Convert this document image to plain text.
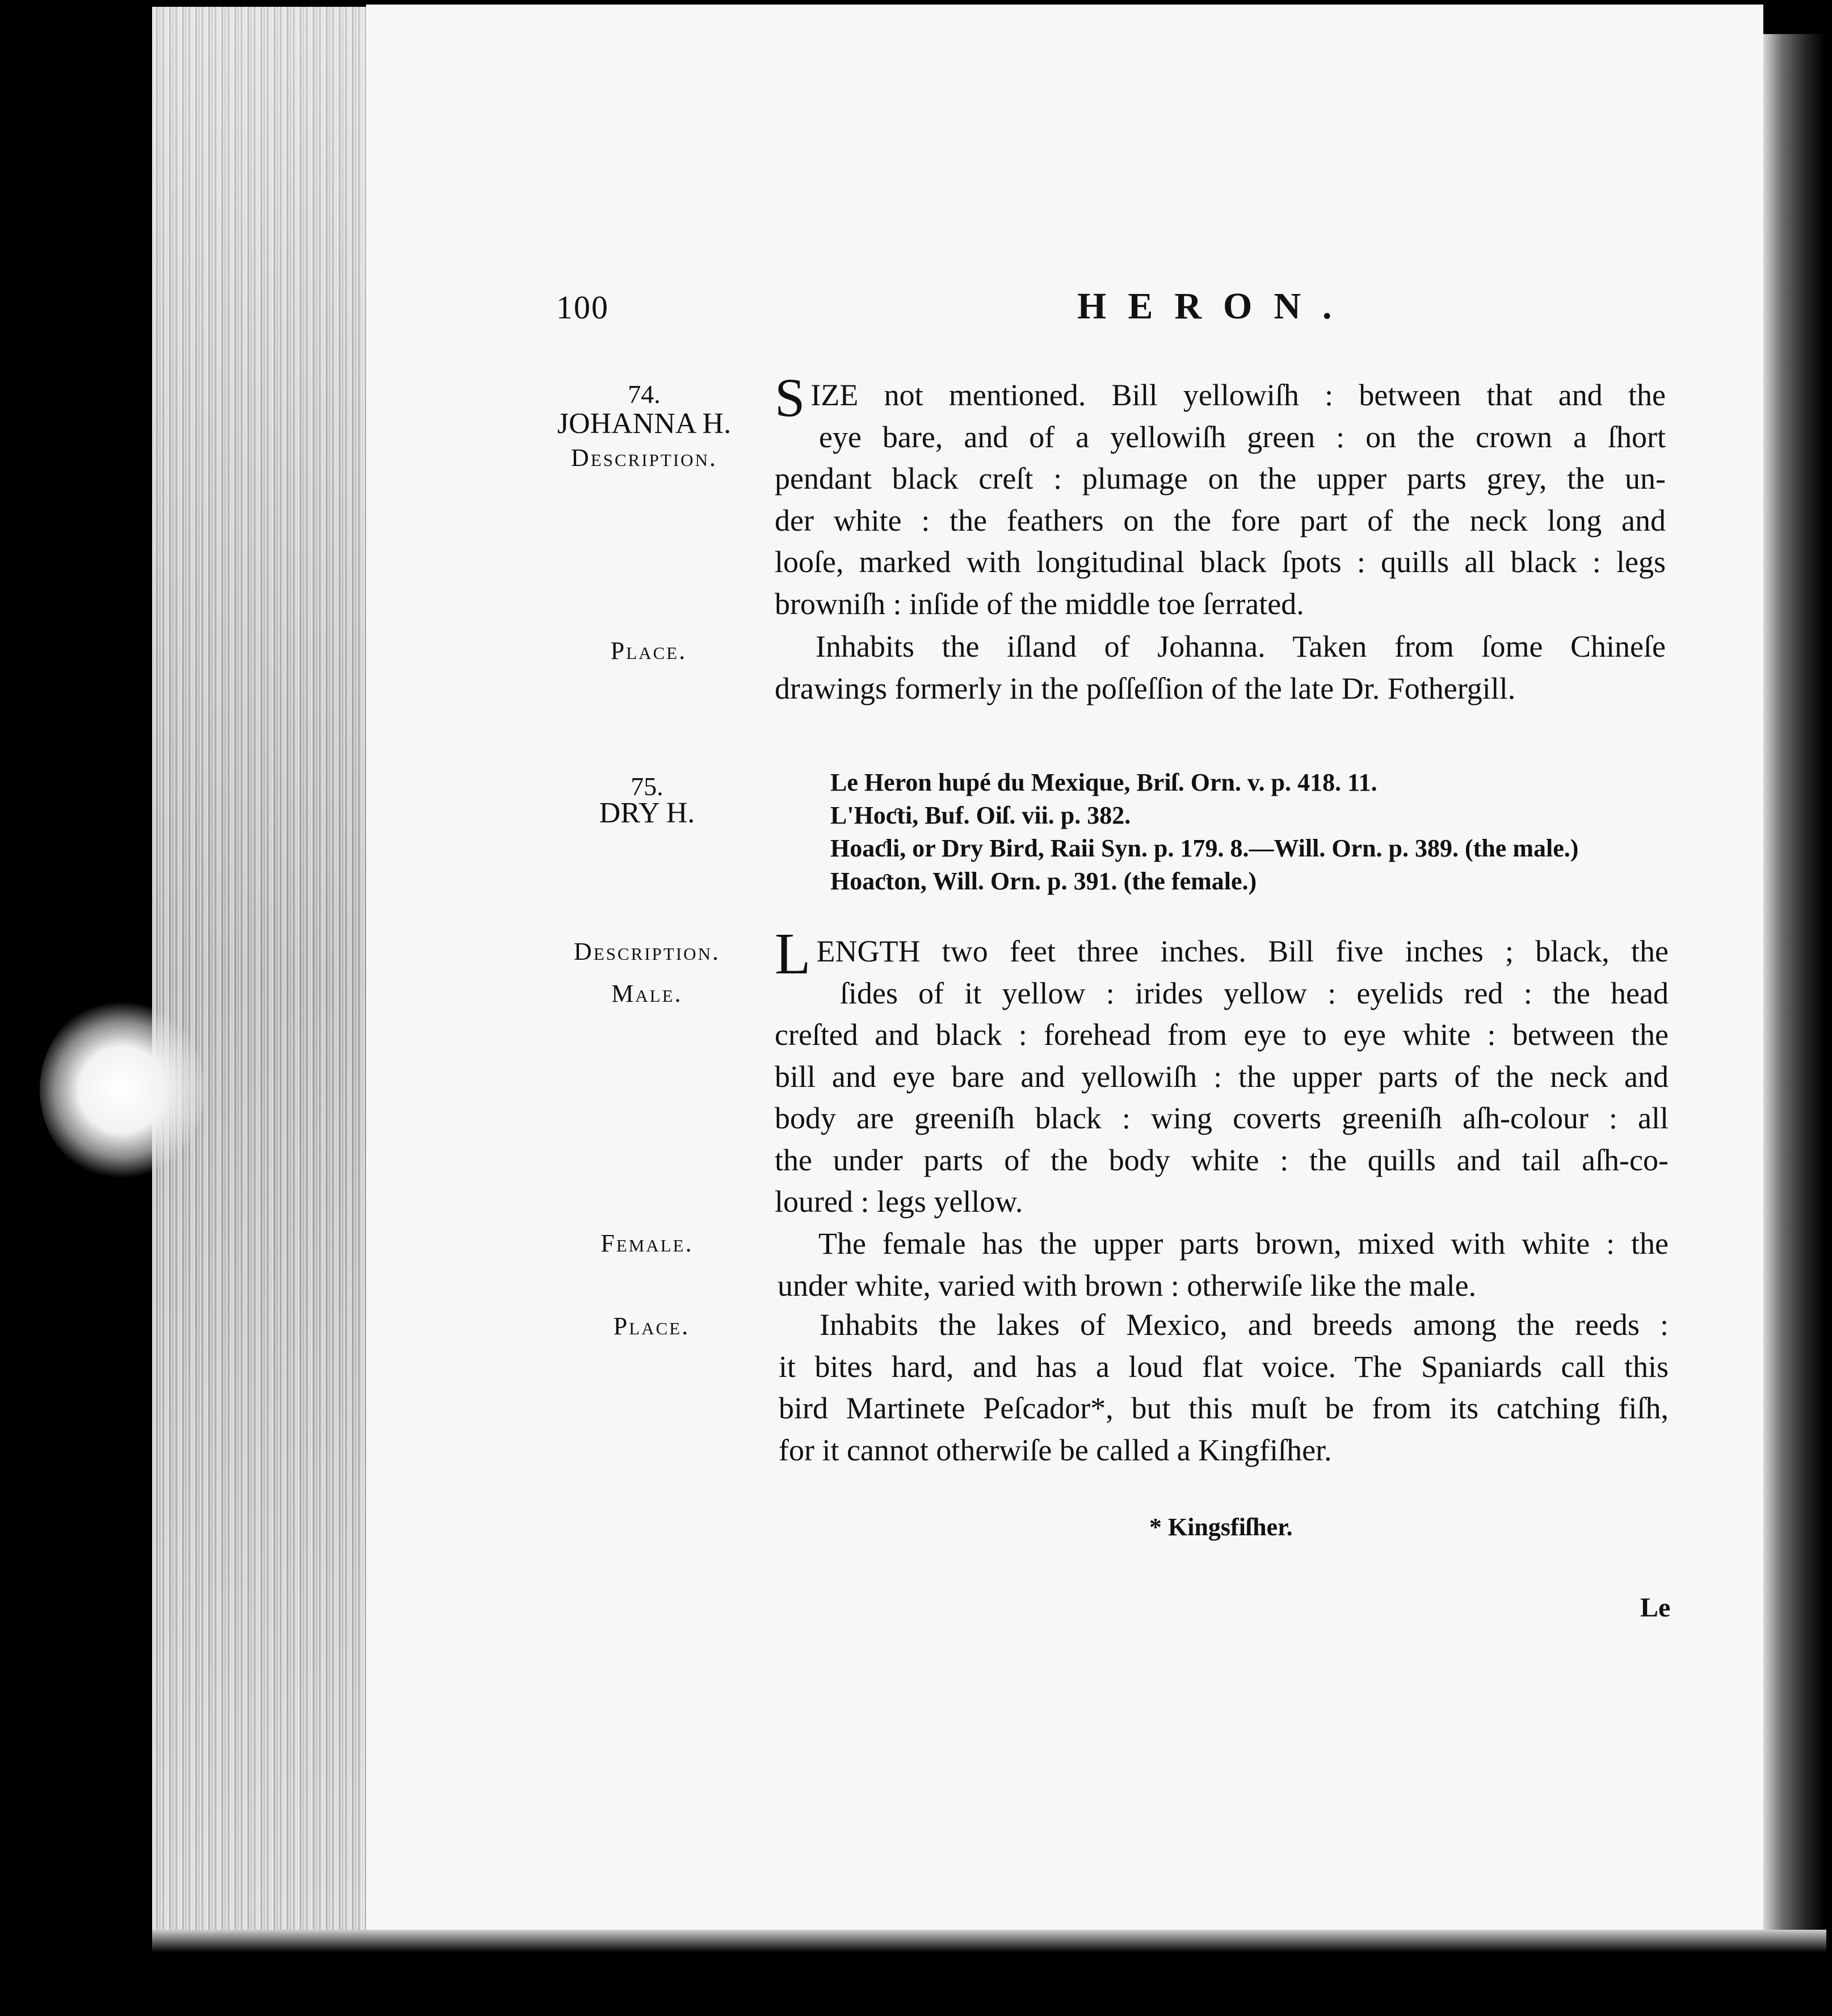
100	HERON.
74.
JOHANNA H.
Description.
Place.
S IZE not mentioned. Bill yellowiſh : between that and the
eye bare, and of a yellowiſh green : on the crown a ſhort
pendant black creſt : plumage on the upper parts grey, the un-
der white : the feathers on the fore part of the neck long and
looſe, marked with longitudinal black ſpots : quills all black : legs
browniſh : inſide of the middle toe ſerrated.
Inhabits the iſland of Johanna. Taken from ſome Chineſe
drawings formerly in the poſſeſſion of the late Dr. Fothergill.
75.
DRY H.
Le Heron hupé du Mexique, Briſ. Orn. v. p. 418. 11.
L'Hoƈti, Buf. Oiſ. vii. p. 382.
Hoaƈli, or Dry Bird, Raii Syn. p. 179. 8.—Will. Orn. p. 389. (the male.)
Hoaƈton, Will. Orn. p. 391. (the female.)
Description.
Male.
Female.
Place.
L ENGTH two feet three inches. Bill five inches ; black, the
ſides of it yellow : irides yellow : eyelids red : the head
creſted and black : forehead from eye to eye white : between the
bill and eye bare and yellowiſh : the upper parts of the neck and
body are greeniſh black : wing coverts greeniſh aſh-colour : all
the under parts of the body white : the quills and tail aſh-co-
loured : legs yellow.
The female has the upper parts brown, mixed with white : the
under white, varied with brown : otherwiſe like the male.
Inhabits the lakes of Mexico, and breeds among the reeds :
it bites hard, and has a loud flat voice. The Spaniards call this
bird Martinete Peſcador*, but this muſt be from its catching fiſh,
for it cannot otherwiſe be called a Kingfiſher.
* Kingsfiſher.
Le
